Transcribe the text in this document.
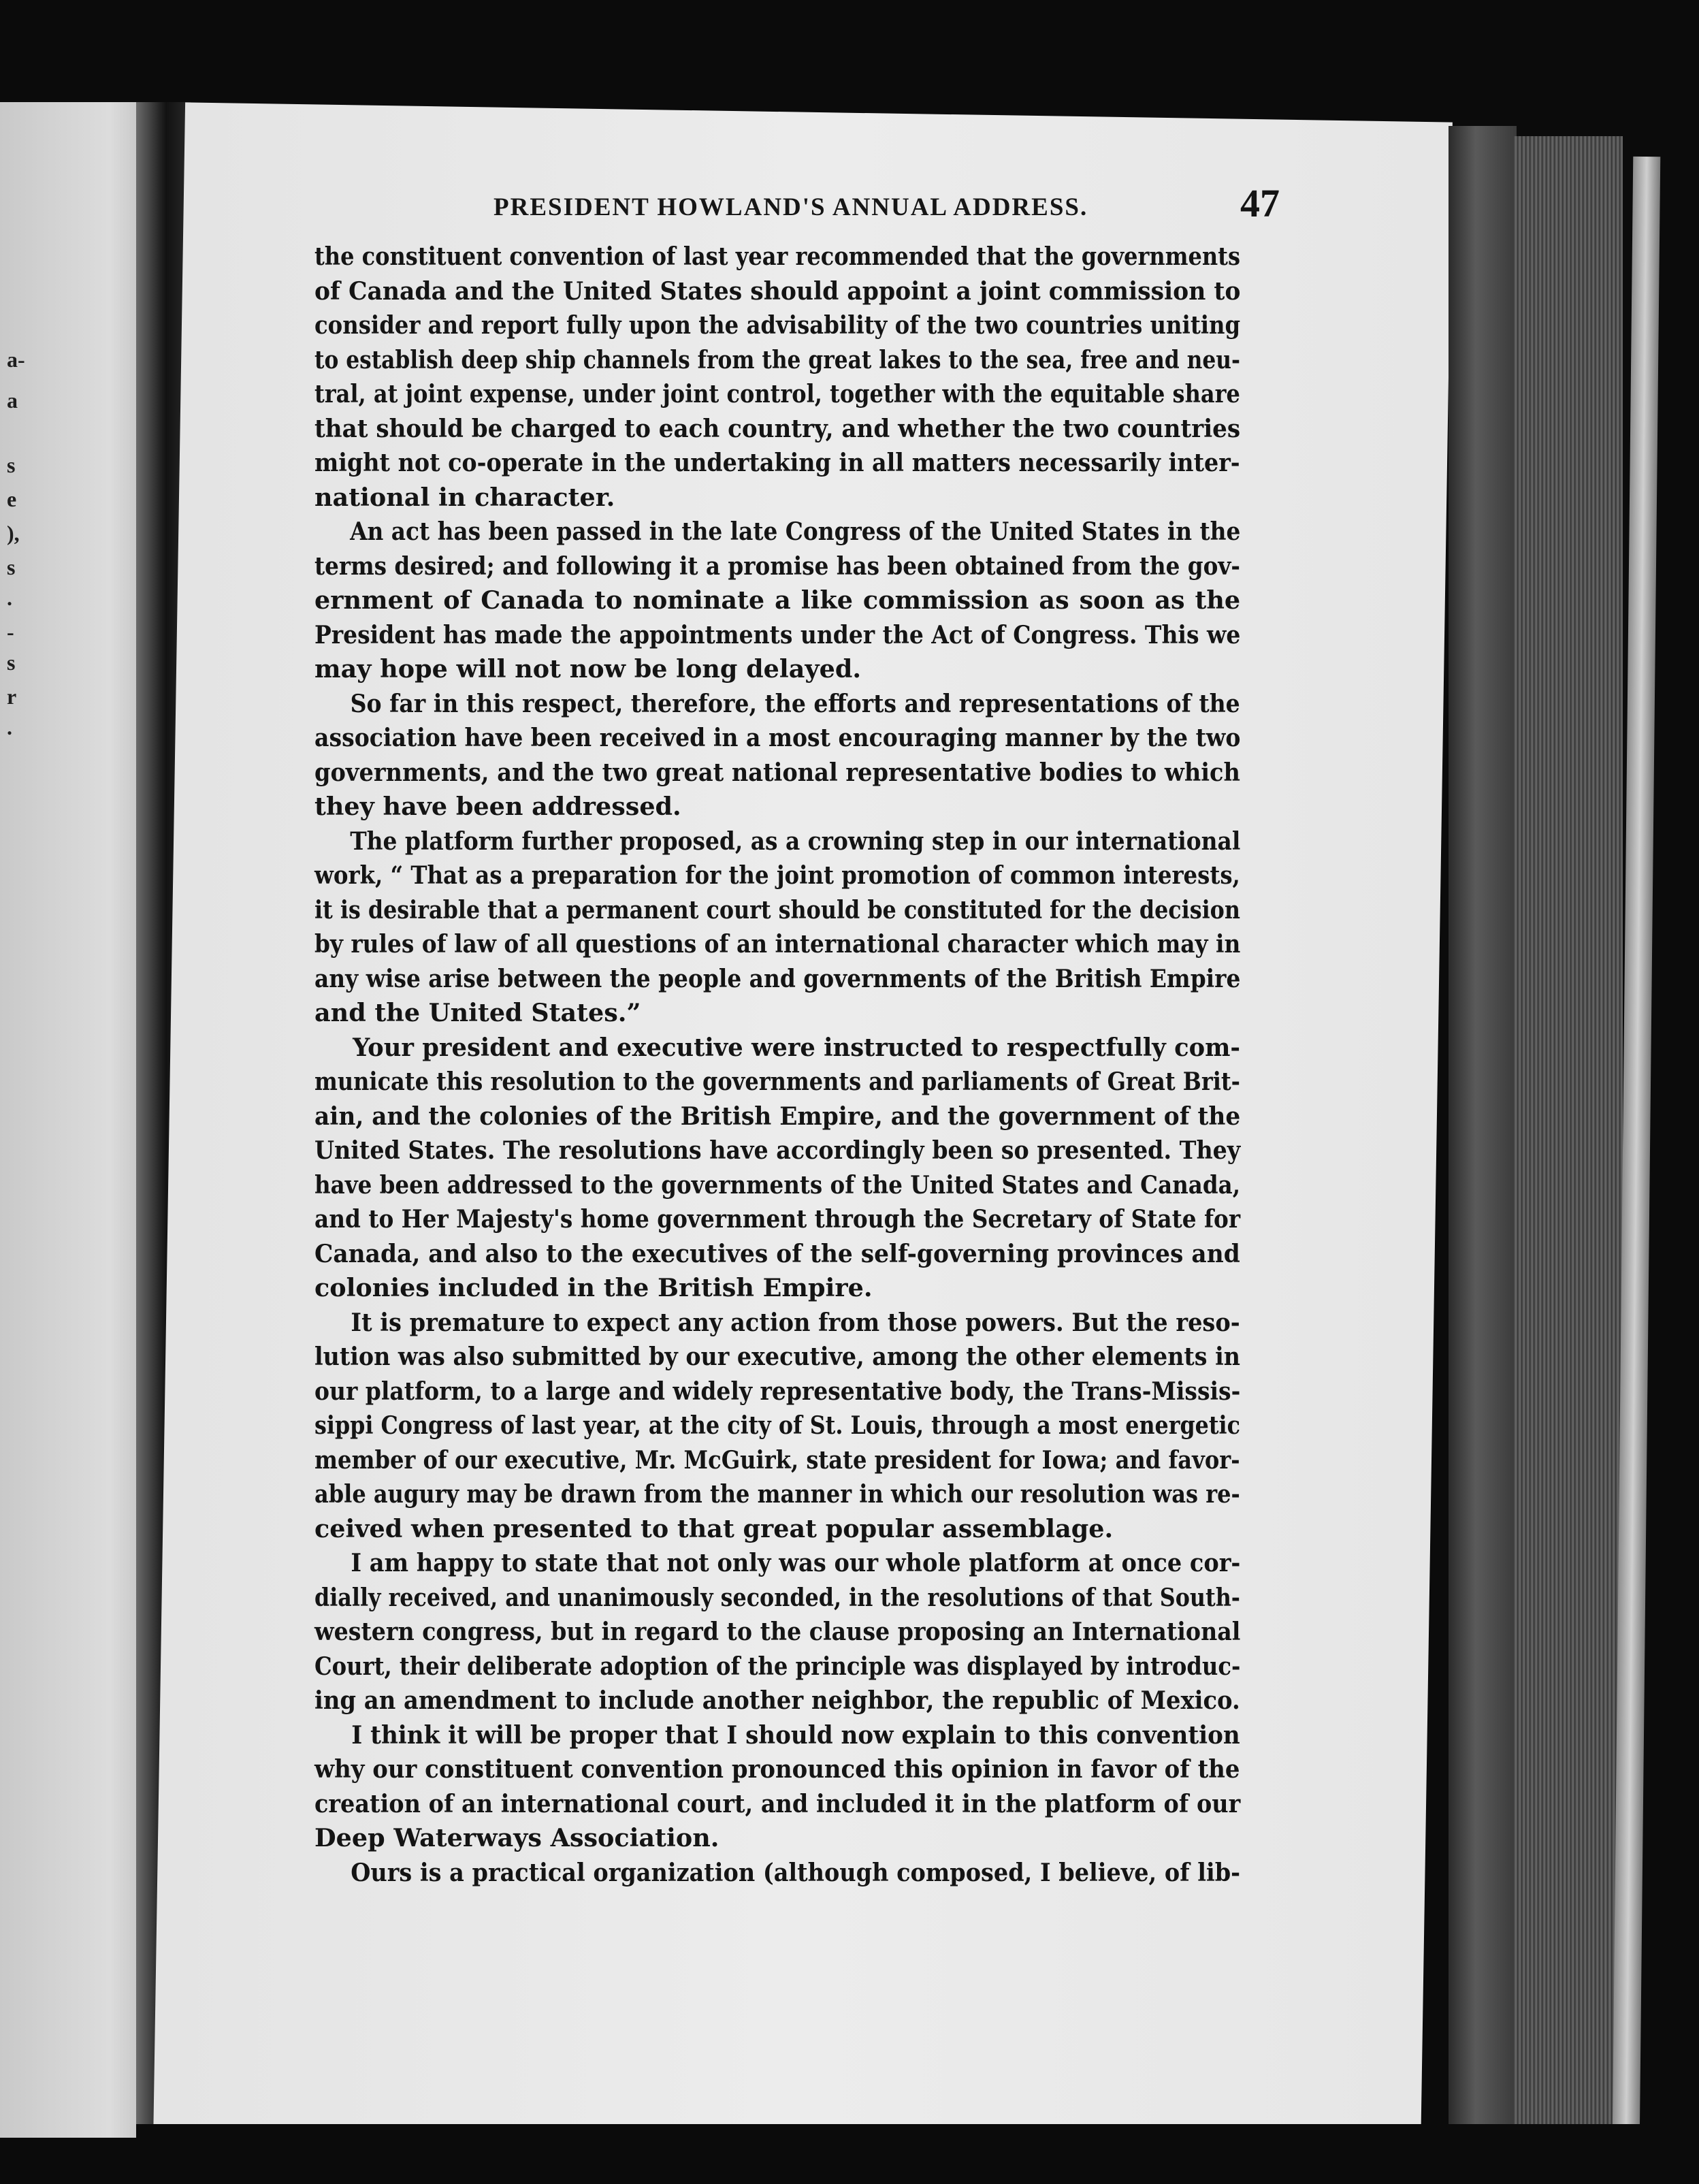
a-
a
s
e
),
s
.
-
s
r
.
PRESIDENT HOWLAND'S ANNUAL ADDRESS.	47

the constituent convention of last year recommended that the governments
of Canada and the United States should appoint a joint commission to
consider and report fully upon the advisability of the two countries uniting
to establish deep ship channels from the great lakes to the sea, free and neu-
tral, at joint expense, under joint control, together with the equitable share
that should be charged to each country, and whether the two countries
might not co-operate in the undertaking in all matters necessarily inter-
national in character.

An act has been passed in the late Congress of the United States in the
terms desired; and following it a promise has been obtained from the gov-
ernment of Canada to nominate a like commission as soon as the
President has made the appointments under the Act of Congress. This we
may hope will not now be long delayed.

So far in this respect, therefore, the efforts and representations of the
association have been received in a most encouraging manner by the two
governments, and the two great national representative bodies to which
they have been addressed.

The platform further proposed, as a crowning step in our international
work, “ That as a preparation for the joint promotion of common interests,
it is desirable that a permanent court should be constituted for the decision
by rules of law of all questions of an international character which may in
any wise arise between the people and governments of the British Empire
and the United States.”

Your president and executive were instructed to respectfully com-
municate this resolution to the governments and parliaments of Great Brit-
ain, and the colonies of the British Empire, and the government of the
United States. The resolutions have accordingly been so presented. They
have been addressed to the governments of the United States and Canada,
and to Her Majesty's home government through the Secretary of State for
Canada, and also to the executives of the self-governing provinces and
colonies included in the British Empire.

It is premature to expect any action from those powers. But the reso-
lution was also submitted by our executive, among the other elements in
our platform, to a large and widely representative body, the Trans-Missis-
sippi Congress of last year, at the city of St. Louis, through a most energetic
member of our executive, Mr. McGuirk, state president for Iowa; and favor-
able augury may be drawn from the manner in which our resolution was re-
ceived when presented to that great popular assemblage.

I am happy to state that not only was our whole platform at once cor-
dially received, and unanimously seconded, in the resolutions of that South-
western congress, but in regard to the clause proposing an International
Court, their deliberate adoption of the principle was displayed by introduc-
ing an amendment to include another neighbor, the republic of Mexico.

I think it will be proper that I should now explain to this convention
why our constituent convention pronounced this opinion in favor of the
creation of an international court, and included it in the platform of our
Deep Waterways Association.

Ours is a practical organization (although composed, I believe, of lib-
